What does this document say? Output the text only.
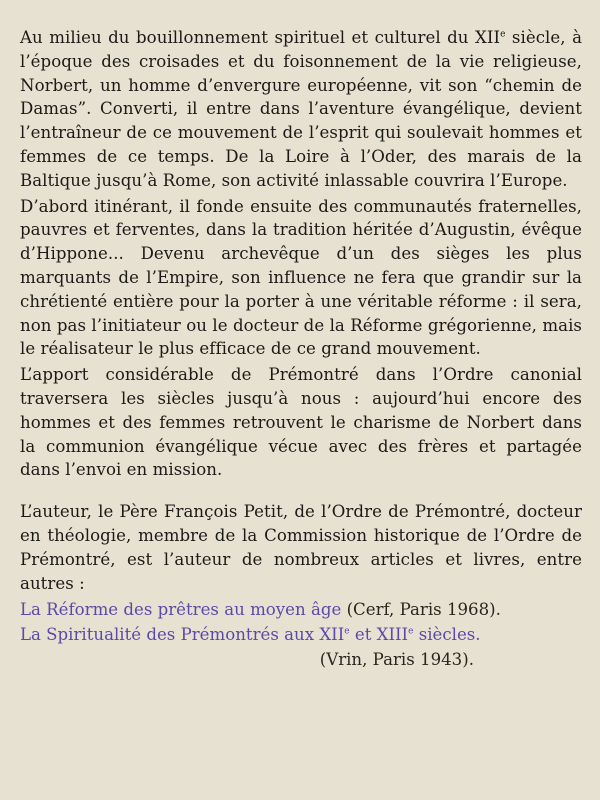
Au milieu du bouillonnement spirituel et culturel du XIIe siècle, à l’époque des croisades et du foisonnement de la vie religieuse, Norbert, un homme d’envergure européenne, vit son “chemin de Damas”. Converti, il entre dans l’aventure évangélique, devient l’entraîneur de ce mouvement de l’esprit qui soulevait hommes et femmes de ce temps. De la Loire à l’Oder, des marais de la Baltique jusqu’à Rome, son activité inlassable couvrira l’Europe.

D’abord itinérant, il fonde ensuite des communautés fraternelles, pauvres et ferventes, dans la tradition héritée d’Augustin, évêque d’Hippone... Devenu archevêque d’un des sièges les plus marquants de l’Empire, son influence ne fera que grandir sur la chrétienté entière pour la porter à une véritable réforme : il sera, non pas l’initiateur ou le docteur de la Réforme grégorienne, mais le réalisateur le plus efficace de ce grand mouvement.

L’apport considérable de Prémontré dans l’Ordre canonial traversera les siècles jusqu’à nous : aujourd’hui encore des hommes et des femmes retrouvent le charisme de Norbert dans la communion évangélique vécue avec des frères et partagée dans l’envoi en mission.

L’auteur, le Père François Petit, de l’Ordre de Prémontré, docteur en théologie, membre de la Commission historique de l’Ordre de Prémontré, est l’auteur de nombreux articles et livres, entre autres :

La Réforme des prêtres au moyen âge (Cerf, Paris 1968).

La Spiritualité des Prémontrés aux XIIe et XIIIe siècles.

(Vrin, Paris 1943).
